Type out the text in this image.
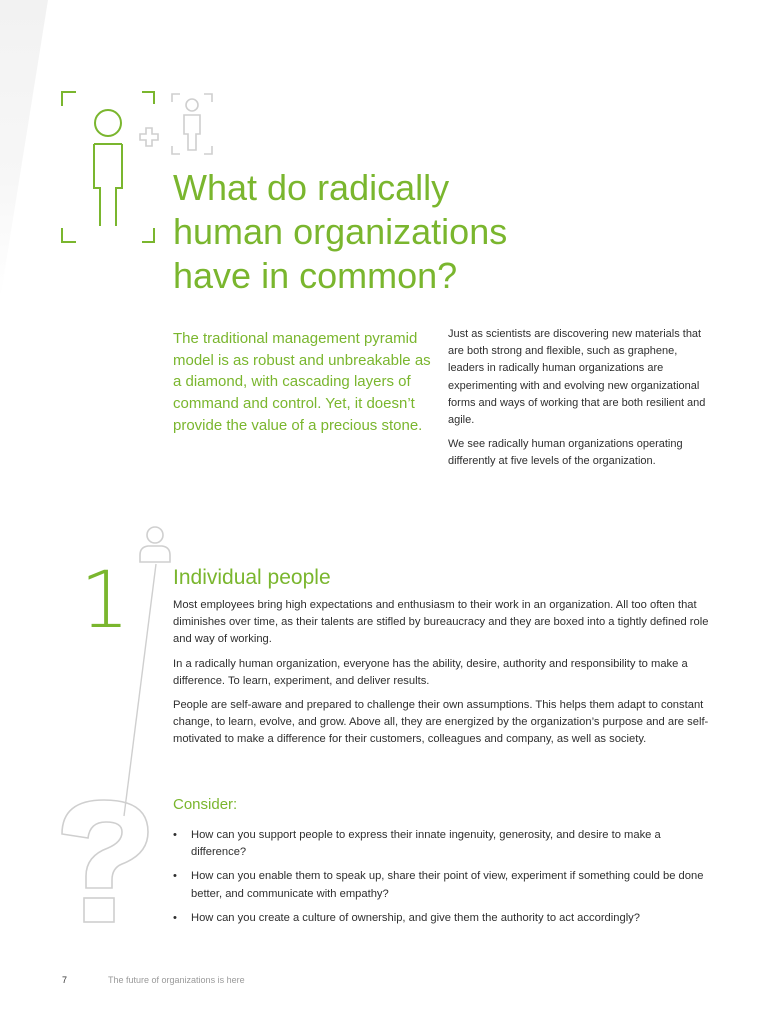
What do radically
human organizations
have in common?
The traditional management pyramid model is as robust and unbreakable as a diamond, with cascading layers of command and control. Yet, it doesn’t provide the value of a precious stone.

Just as scientists are discovering new materials that are both strong and flexible, such as graphene, leaders in radically human organizations are experimenting with and evolving new organizational forms and ways of working that are both resilient and agile.

We see radically human organizations operating differently at five levels of the organization.

1 Individual people

Most employees bring high expectations and enthusiasm to their work in an organization. All too often that diminishes over time, as their talents are stifled by bureaucracy and they are boxed into a tightly defined role and way of working.

In a radically human organization, everyone has the ability, desire, authority and responsibility to make a difference. To learn, experiment, and deliver results.

People are self-aware and prepared to challenge their own assumptions. This helps them adapt to constant change, to learn, evolve, and grow. Above all, they are energized by the organization’s purpose and are self-motivated to make a difference for their customers, colleagues and company, as well as society.

Consider:
• How can you support people to express their innate ingenuity, generosity, and desire to make a difference?
• How can you enable them to speak up, share their point of view, experiment if something could be done better, and communicate with empathy?
• How can you create a culture of ownership, and give them the authority to act accordingly?
7	The future of organizations is here
